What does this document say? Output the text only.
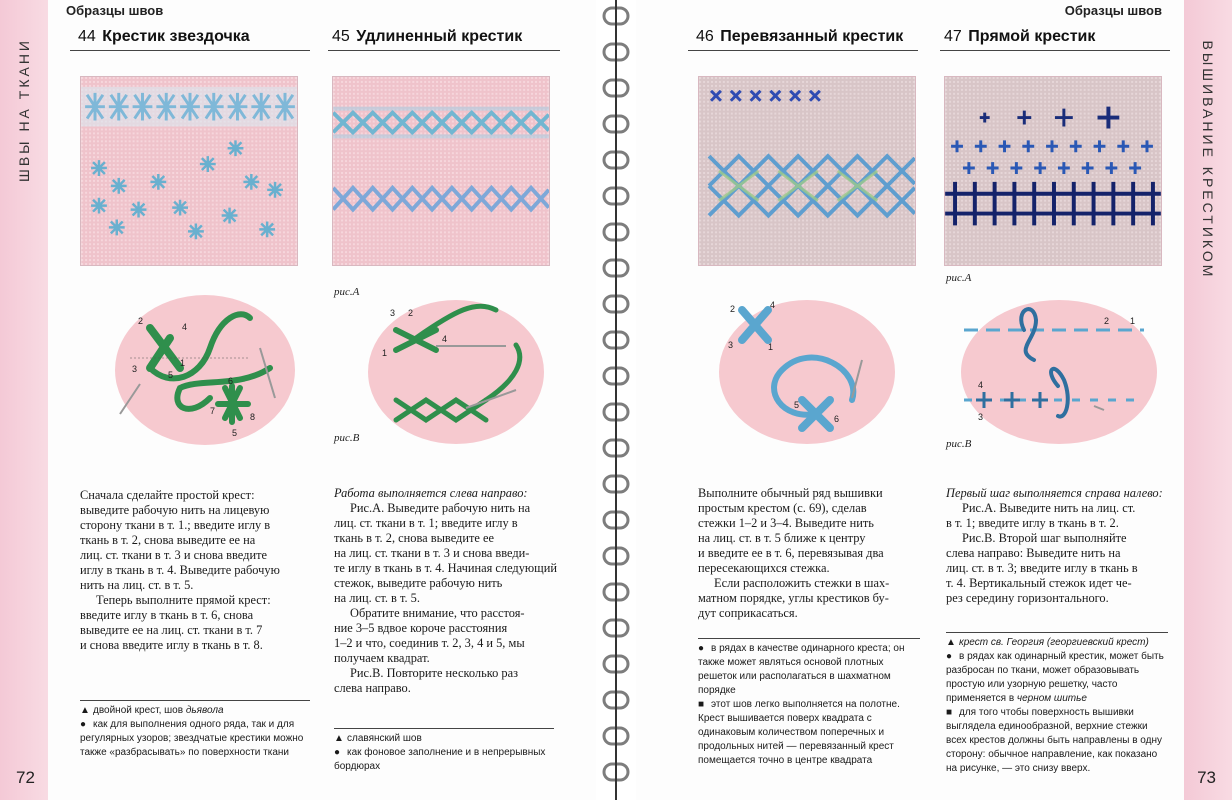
ШВЫ НА ТКАНИ
Образцы швов
72
44 Крестик звездочка
2
4
3
5
1
7
6
8
5

Сначала сделайте простой крест:

выведите рабочую нить на лицевую

сторону ткани в т. 1.; введите иглу в

ткань в т. 2, снова выведите ее на

лиц. ст. ткани в т. 3 и снова введите

иглу в ткань в т. 4. Выведите рабочую

нить на лиц. ст. в т. 5.

Теперь выполните прямой крест:

введите иглу в ткань в т. 6, снова

выведите ее на лиц. ст. ткани в т. 7

и снова введите иглу в ткань в т. 8.

▲ двойной крест, шов дьявола
● как для выполнения одного ряда, так и для регулярных узоров; звездчатые крестики можно также «разбрасывать» по поверхности ткани
45 Удлиненный крестик
рис.А
рис.В
3 2
1
4

Работа выполняется слева направо:

Рис.А. Выведите рабочую нить на

лиц. ст. ткани в т. 1; введите иглу в

ткань в т. 2, снова выведите ее

на лиц. ст. ткани в т. 3 и снова введи-

те иглу в ткань в т. 4. Начиная следующий

стежок, выведите рабочую нить

на лиц. ст. в т. 5.

Обратите внимание, что расстоя-

ние 3–5 вдвое короче расстояния

1–2 и что, соединив т. 2, 3, 4 и 5, мы

получаем квадрат.

Рис.В. Повторите несколько раз

слева направо.

▲ славянский шов
● как фоновое заполнение и в непрерывных бордюрах
ВЫШИВАНИЕ КРЕСТИКОМ
Образцы швов
73
46 Перевязанный крестик
2	4
3	1
5
6

Выполните обычный ряд вышивки

простым крестом (с. 69), сделав

стежки 1–2 и 3–4. Выведите нить

на лиц. ст. в т. 5 ближе к центру

и введите ее в т. 6, перевязывая два

пересекающихся стежка.

Если расположить стежки в шах-

матном порядке, углы крестиков бу-

дут соприкасаться.

● в рядах в качестве одинарного креста; он также может являться основой плотных решеток или располагаться в шахматном порядке
■ этот шов легко выполняется на полотне. Крест вышивается поверх квадрата с одинаковым количеством поперечных и продольных нитей — перевязанный крест помещается точно в центре квадрата
47 Прямой крестик
рис.А
рис.В
2 1
4
3

Первый шаг выполняется справа налево:

Рис.А. Выведите нить на лиц. ст.

в т. 1; введите иглу в ткань в т. 2.

Рис.В. Второй шаг выполняйте

слева направо: Выведите нить на

лиц. ст. в т. 3; введите иглу в ткань в

т. 4. Вертикальный стежок идет че-

рез середину горизонтального.

▲ крест св. Георгия (георгиевский крест)
● в рядах как одинарный крестик, может быть разбросан по ткани, может образовывать простую или узорную решетку, часто применяется в черном шитье
■ для того чтобы поверхность вышивки выглядела единообразной, верхние стежки всех крестов должны быть направлены в одну сторону: обычное направление, как показано на рисунке, — это снизу вверх.
